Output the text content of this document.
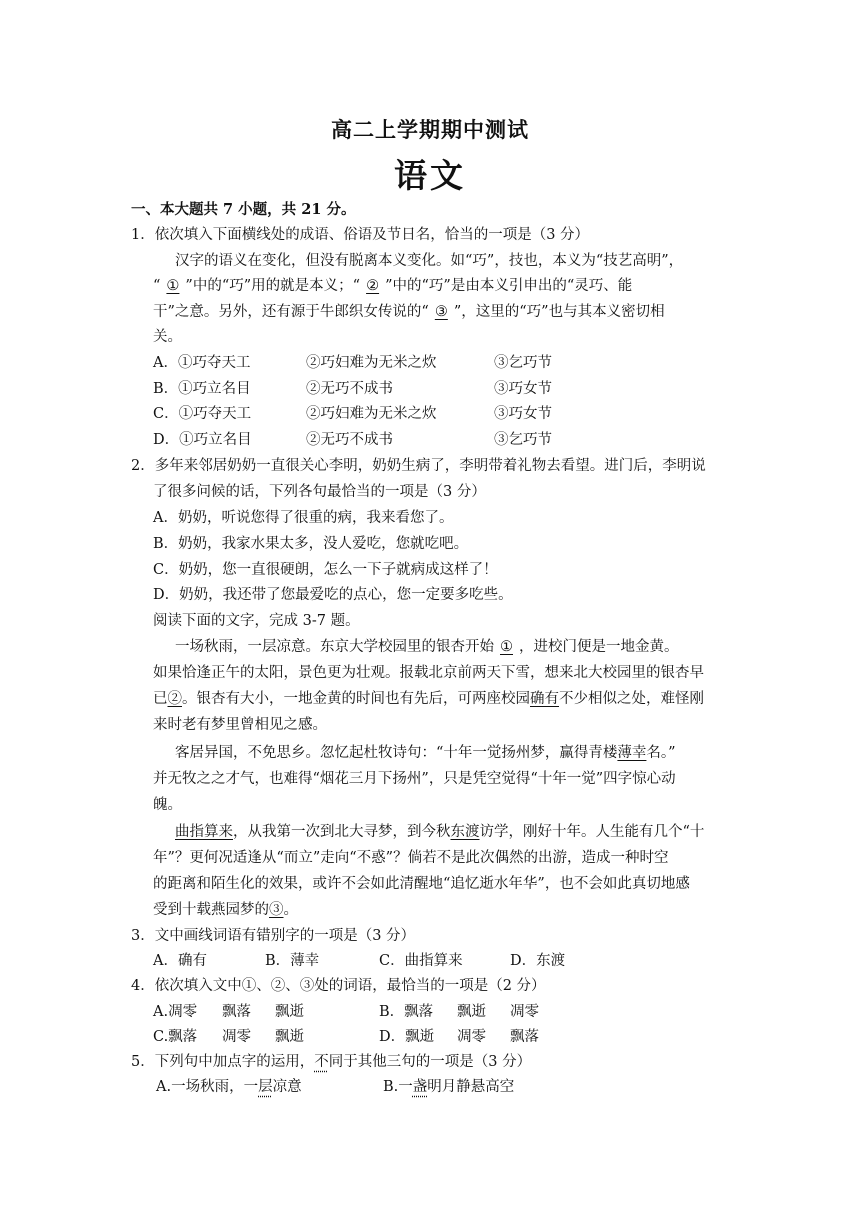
高二上学期期中测试
语文
一、本大题共 7 小题，共 21 分。
1．依次填入下面横线处的成语、俗语及节日名，恰当的一项是（3 分）
汉字的语义在变化，但没有脱离本义变化。如“巧”，技也，本义为“技艺高明”，
“ ① ”中的“巧”用的就是本义；“ ② ”中的“巧”是由本义引申出的“灵巧、能
干”之意。另外，还有源于牛郎织女传说的“ ③ ”，这里的“巧”也与其本义密切相
关。
A．①巧夺天工	②巧妇难为无米之炊	③乞巧节
B．①巧立名目	②无巧不成书	③巧女节
C．①巧夺天工	②巧妇难为无米之炊	③巧女节
D．①巧立名目	②无巧不成书	③乞巧节
2．多年来邻居奶奶一直很关心李明，奶奶生病了，李明带着礼物去看望。进门后，李明说
了很多问候的话，下列各句最恰当的一项是（3 分）
A．奶奶，听说您得了很重的病，我来看您了。
B．奶奶，我家水果太多，没人爱吃，您就吃吧。
C．奶奶，您一直很硬朗，怎么一下子就病成这样了！
D．奶奶，我还带了您最爱吃的点心，您一定要多吃些。
阅读下面的文字，完成 3-7 题。
一场秋雨，一层凉意。东京大学校园里的银杏开始 ① ，进校门便是一地金黄。
如果恰逢正午的太阳，景色更为壮观。报载北京前两天下雪，想来北大校园里的银杏早
已②。银杏有大小，一地金黄的时间也有先后，可两座校园确有不少相似之处，难怪刚
来时老有梦里曾相见之感。
客居异国，不免思乡。忽忆起杜牧诗句：“十年一觉扬州梦，赢得青楼薄幸名。”
并无牧之之才气，也难得“烟花三月下扬州”，只是凭空觉得“十年一觉”四字惊心动
魄。
曲指算来，从我第一次到北大寻梦，到今秋东渡访学，刚好十年。人生能有几个“十
年”？更何况适逢从“而立”走向“不惑”？倘若不是此次偶然的出游，造成一种时空
的距离和陌生化的效果，或许不会如此清醒地“追忆逝水年华”，也不会如此真切地感
受到十载燕园梦的③。
3．文中画线词语有错别字的一项是（3 分）
A．确有	B．薄幸	C．曲指算来	D．东渡
4．依次填入文中①、②、③处的词语，最恰当的一项是（2 分）
A.凋零 飘落 飘逝	B．飘落 飘逝 凋零
C.飘落 凋零 飘逝	D．飘逝 凋零 飘落
5．下列句中加点字的运用，不同于其他三句的一项是（3 分）
A.一场秋雨，一层凉意	B.一盏明月静悬高空
